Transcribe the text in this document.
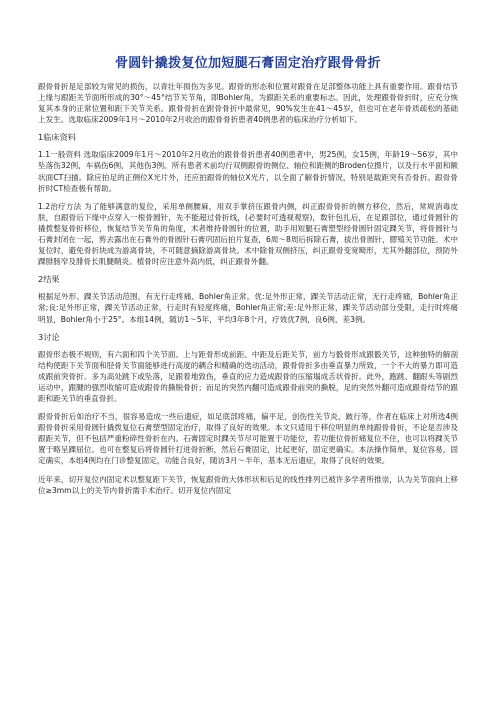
骨圆针撬拨复位加短腿石膏固定治疗跟骨骨折

跟骨骨折是足部较为常见的损伤，以青壮年损伤为多见。跟骨的形态和位置对跟骨在足部整体功能上具有重要作用。跟骨结节上缘与跟距关节面所形成的30°～45°结节关节角，即Bohler角，为跟距关系的重要标志。因此，处理跟骨骨折时，应充分恢复其本身的正常位置和距下关节关系。跟骨骨折在跗骨骨折中最常见，90%发生在41～45岁，但也可在老年骨质疏松的基础上发生。选取临床2009年1月～2010年2月收治的跟骨骨折患者40例患者的临床治疗分析如下。

1临床资料

1.1一般资料 选取临床2009年1月～2010年2月收治的跟骨骨折患者40例患者中，男25例，女15例，年龄19～56岁，其中坠落伤32例，车祸伤6例，其他伤3例。所有患者术前均行双侧跟骨的侧位、轴位和距侧的Broden位摄片，以及行水平面和额状面CT扫描。除应拍足的正侧位X光片外，还应拍跟骨的轴位X光片，以全面了解骨折情况，特别是载距突有否骨折。跟骨骨折时CT检查极有帮助。

1.2治疗方法 为了能够满意的复位，采用单侧腰麻，用双手掌挤压跟骨内侧，纠正跟骨骨折的侧方移位，然后，常规消毒皮肤，自跟骨后下缘中点穿入一根骨圆针，先不能超过骨折线，(必要时可透视观察)，数针包扎后，在足跟部位，通过骨圆针的撬拨整复骨折移位，恢复结节关节角的角度，术者维持骨圆针的位置，助手用短腿石膏塑型经骨圆针固定踝关节，将骨圆针与石膏封闭在一起，剪去露出在石膏外的骨圆针石膏巩固后拍片复查，6周～8周后拆除石膏，拔出骨圆针，膠殖关节功能。术中复位时，避免骨折块成为游离骨块，不可随意摘除游离骨块。术中除骨双侧挤压，纠正跟骨变宽畸形，尤其外翻部位，预防外踝腓肠窄及腓骨长肌腱鞘炎。植骨时应注意外高内低，纠正跟骨外翻。

2结果

根据足外形、踝关节活动范围，有无行走疼痛、Bohler角正常。优:足外形正常，踝关节活动正常，无行走疼痛，Bohler角正常;良:足外形正常，踝关节活动正常，行走时有轻度疼痛，Bohler角正常;差:足外形正常，踝关节活动部分受限，走行时疼痛明显，Bohler角小于25°。本组14例，随访1～5年，平均3年8个月，疗效优7例，良6例，差3例。

3讨论

跟骨形态极不规则，有六面和四个关节面。上与距骨形成前距、中距及后距关节，前方与骰骨形成跟骰关节，这种独特的解剖结构使距下关节面和胫骨关节面能够进行高度的耦合和精确的迭动活动，跟骨骨折多由垂直暴力所致，一个不大的暴力即可造成跟前突骨折。多为高处跳下或坠落，足跟着地致伤，垂直的应力造成跟骨的压缩塌成舌状骨折。此外，跑跳、翻跟头等剧烈运动中，跟腱的强烈收缩可造成跟骨的撕脱骨折；而足的突然内翻可造成跟骨前突的撕脱，足的突然外翻可造成跟骨结节的跟距和距关节的垂直骨折。

跟骨骨折后如治疗不当，很容易造成一些后遗症，如足底部疼痛，偏平足，创伤性关节炎，跛行等，作者在临床上对所选4例跟骨骨折采用骨圆针撬拨复位石膏塑型固定治疗，取得了良好的效果。本文只适用于移位明显的单纯跟骨骨折，不论是否涉及跟距关节，但不包括严重粉碎性骨折在内。石膏固定时踝关节尽可能置于功能位，若功能位骨折痛复位不住，也可以将踝关节置于略呈踝屈位。也可在整复后将骨圆针打进骨折断，然后石膏固定，比起更好，固定更确实。本法操作简单，复位容易，固定确实，本组4例均在门诊整复固定，功能合良好，随访3月～半年，基本无后遗症，取得了良好的效果。

近年来，切开复位内固定术以整复距下关节，恢复跟骨的大体形状和后足的线性排列已被许多学者所推崇，认为关节面向上移位≥3mm以上的关节内骨折需手术治疗。切开复位内固定
